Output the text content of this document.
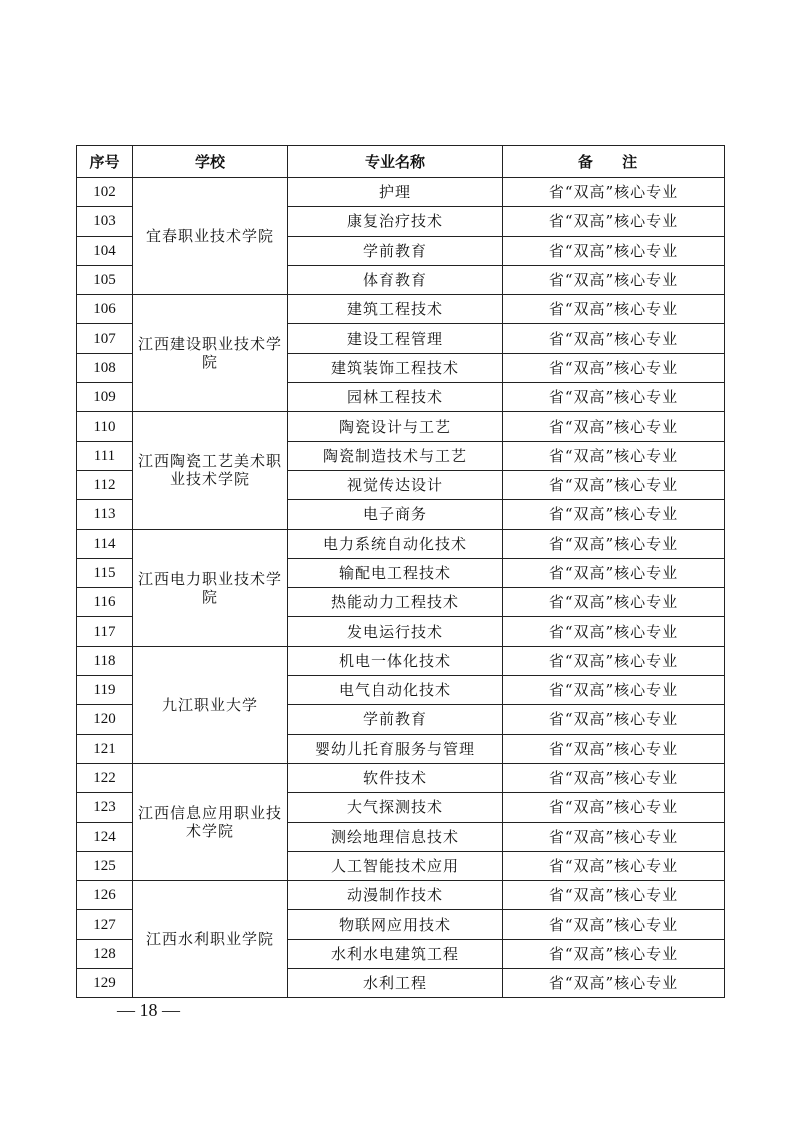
序号	学校	专业名称	备 注
102	宜春职业技术学院	护理	省“双高”核心专业
103		康复治疗技术	省“双高”核心专业
104		学前教育	省“双高”核心专业
105		体育教育	省“双高”核心专业
106	江西建设职业技术学院	建筑工程技术	省“双高”核心专业
107		建设工程管理	省“双高”核心专业
108		建筑装饰工程技术	省“双高”核心专业
109		园林工程技术	省“双高”核心专业
110	江西陶瓷工艺美术职业技术学院	陶瓷设计与工艺	省“双高”核心专业
111		陶瓷制造技术与工艺	省“双高”核心专业
112		视觉传达设计	省“双高”核心专业
113		电子商务	省“双高”核心专业
114	江西电力职业技术学院	电力系统自动化技术	省“双高”核心专业
115		输配电工程技术	省“双高”核心专业
116		热能动力工程技术	省“双高”核心专业
117		发电运行技术	省“双高”核心专业
118	九江职业大学	机电一体化技术	省“双高”核心专业
119		电气自动化技术	省“双高”核心专业
120		学前教育	省“双高”核心专业
121		婴幼儿托育服务与管理	省“双高”核心专业
122	江西信息应用职业技术学院	软件技术	省“双高”核心专业
123		大气探测技术	省“双高”核心专业
124		测绘地理信息技术	省“双高”核心专业
125		人工智能技术应用	省“双高”核心专业
126	江西水利职业学院	动漫制作技术	省“双高”核心专业
127		物联网应用技术	省“双高”核心专业
128		水利水电建筑工程	省“双高”核心专业
129		水利工程	省“双高”核心专业
— 18 —
